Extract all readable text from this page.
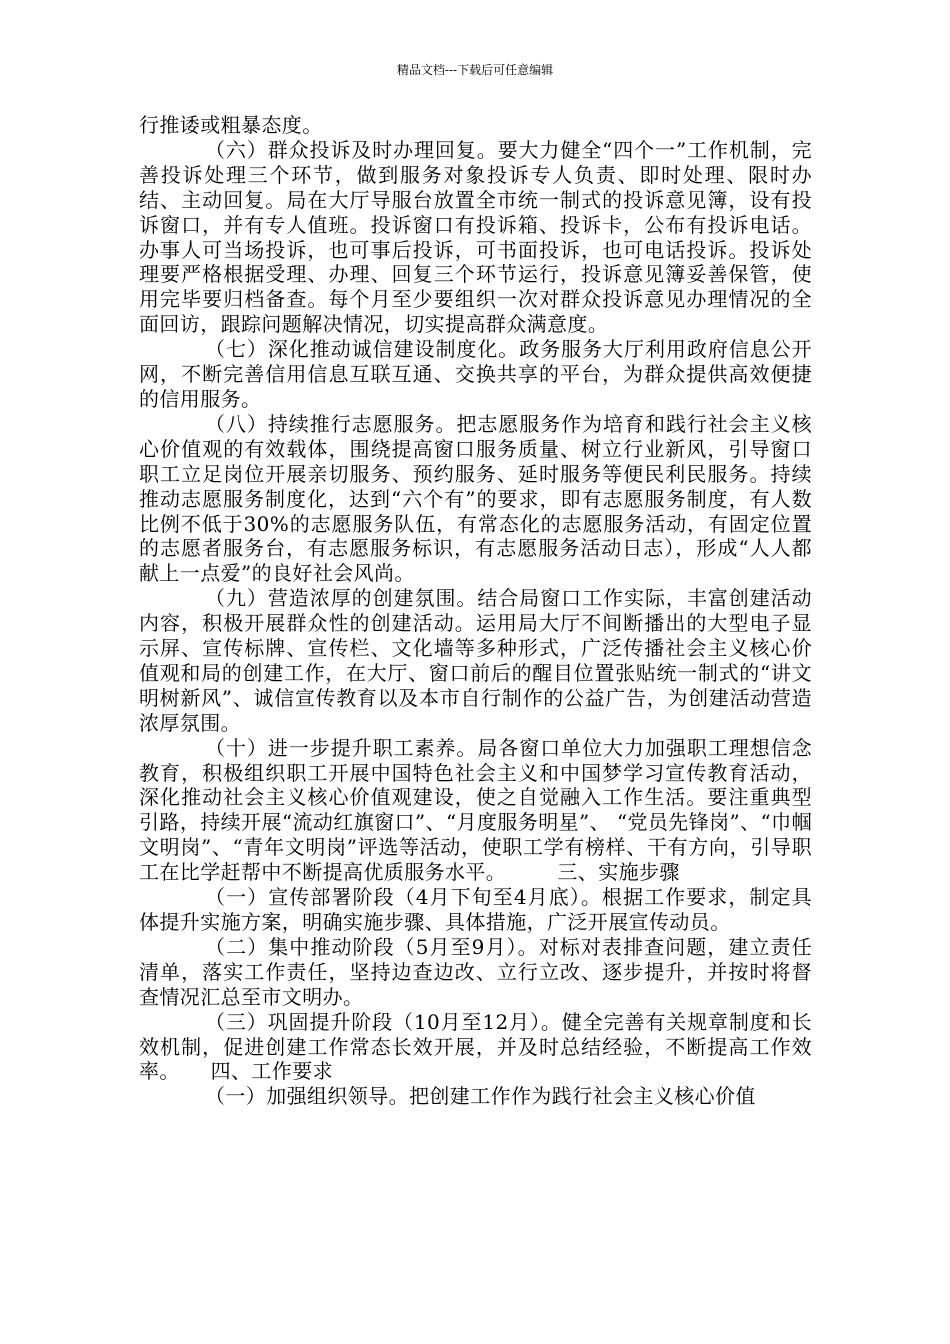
精品文档---下载后可任意编辑

行推诿或粗暴态度。

（六）群众投诉及时办理回复。要大力健全“四个一”工作机制，完善投诉处理三个环节，做到服务对象投诉专人负责、即时处理、限时办结、主动回复。局在大厅导服台放置全市统一制式的投诉意见簿，设有投诉窗口，并有专人值班。投诉窗口有投诉箱、投诉卡，公布有投诉电话。办事人可当场投诉，也可事后投诉，可书面投诉，也可电话投诉。投诉处理要严格根据受理、办理、回复三个环节运行，投诉意见簿妥善保管，使用完毕要归档备查。每个月至少要组织一次对群众投诉意见办理情况的全面回访，跟踪问题解决情况，切实提高群众满意度。

（七）深化推动诚信建设制度化。政务服务大厅利用政府信息公开网，不断完善信用信息互联互通、交换共享的平台，为群众提供高效便捷的信用服务。

（八）持续推行志愿服务。把志愿服务作为培育和践行社会主义核心价值观的有效载体，围绕提高窗口服务质量、树立行业新风，引导窗口职工立足岗位开展亲切服务、预约服务、延时服务等便民利民服务。持续推动志愿服务制度化，达到“六个有”的要求，即有志愿服务制度，有人数比例不低于30%的志愿服务队伍，有常态化的志愿服务活动，有固定位置的志愿者服务台，有志愿服务标识，有志愿服务活动日志），形成“人人都献上一点爱”的良好社会风尚。

（九）营造浓厚的创建氛围。结合局窗口工作实际，丰富创建活动内容，积极开展群众性的创建活动。运用局大厅不间断播出的大型电子显示屏、宣传标牌、宣传栏、文化墙等多种形式，广泛传播社会主义核心价值观和局的创建工作，在大厅、窗口前后的醒目位置张贴统一制式的“讲文明树新风”、诚信宣传教育以及本市自行制作的公益广告，为创建活动营造浓厚氛围。

（十）进一步提升职工素养。局各窗口单位大力加强职工理想信念教育，积极组织职工开展中国特色社会主义和中国梦学习宣传教育活动，深化推动社会主义核心价值观建设，使之自觉融入工作生活。要注重典型引路，持续开展“流动红旗窗口”、“月度服务明星”、 “党员先锋岗”、“巾帼文明岗”、“青年文明岗”评选等活动，使职工学有榜样、干有方向，引导职工在比学赶帮中不断提高优质服务水平。　　　三、实施步骤

（一）宣传部署阶段（4月下旬至4月底）。根据工作要求，制定具体提升实施方案，明确实施步骤、具体措施，广泛开展宣传动员。

（二）集中推动阶段（5月至9月）。对标对表排查问题，建立责任清单，落实工作责任，坚持边查边改、立行立改、逐步提升，并按时将督查情况汇总至市文明办。

（三）巩固提升阶段（10月至12月）。健全完善有关规章制度和长效机制，促进创建工作常态长效开展，并及时总结经验，不断提高工作效率。　　四、工作要求

（一）加强组织领导。把创建工作作为践行社会主义核心价值
